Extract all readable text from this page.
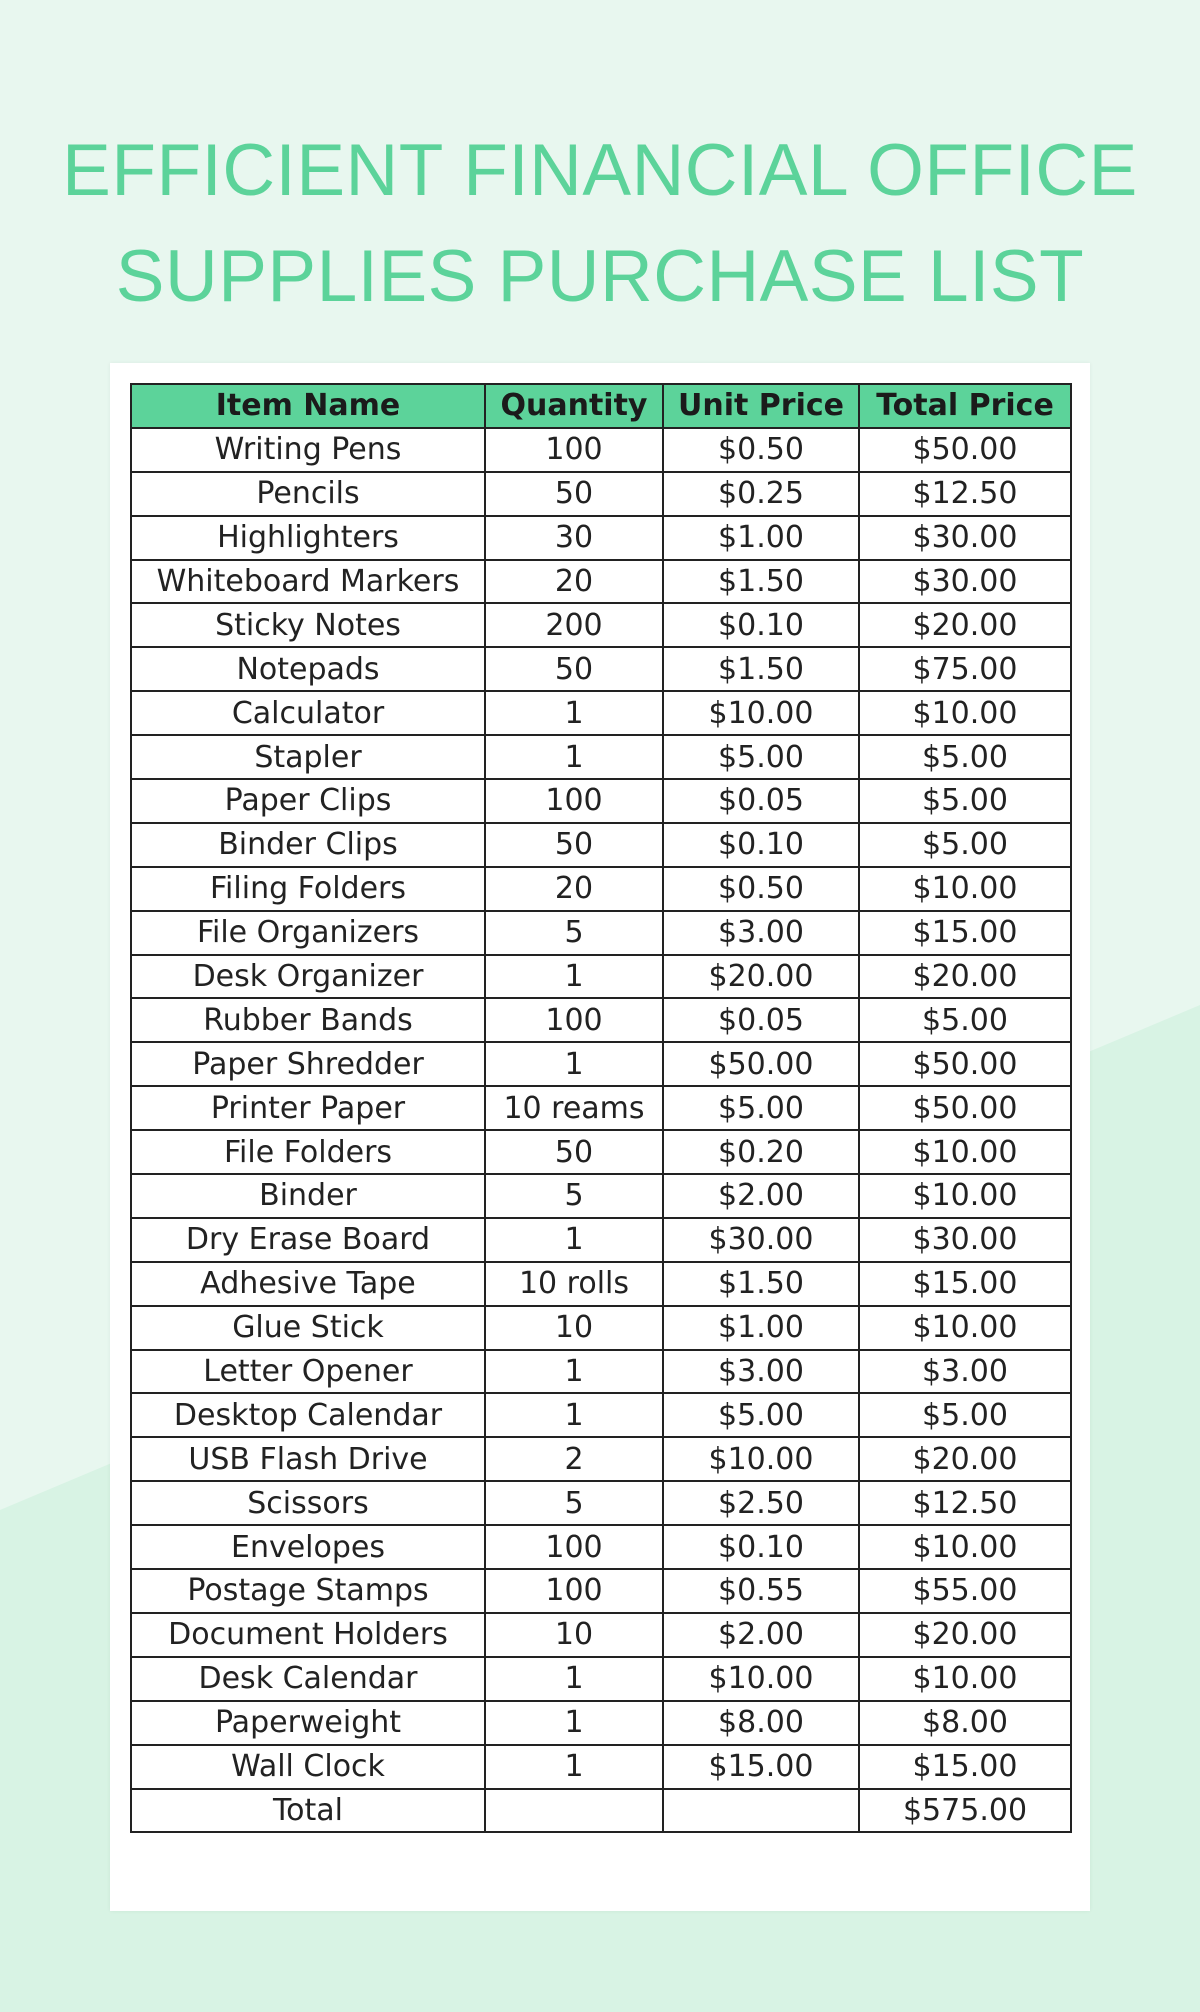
EFFICIENT FINANCIAL OFFICE
SUPPLIES PURCHASE LIST
Item Name	Quantity	Unit Price	Total Price
Writing Pens	100	$0.50	$50.00
Pencils	50	$0.25	$12.50
Highlighters	30	$1.00	$30.00
Whiteboard Markers	20	$1.50	$30.00
Sticky Notes	200	$0.10	$20.00
Notepads	50	$1.50	$75.00
Calculator	1	$10.00	$10.00
Stapler	1	$5.00	$5.00
Paper Clips	100	$0.05	$5.00
Binder Clips	50	$0.10	$5.00
Filing Folders	20	$0.50	$10.00
File Organizers	5	$3.00	$15.00
Desk Organizer	1	$20.00	$20.00
Rubber Bands	100	$0.05	$5.00
Paper Shredder	1	$50.00	$50.00
Printer Paper	10 reams	$5.00	$50.00
File Folders	50	$0.20	$10.00
Binder	5	$2.00	$10.00
Dry Erase Board	1	$30.00	$30.00
Adhesive Tape	10 rolls	$1.50	$15.00
Glue Stick	10	$1.00	$10.00
Letter Opener	1	$3.00	$3.00
Desktop Calendar	1	$5.00	$5.00
USB Flash Drive	2	$10.00	$20.00
Scissors	5	$2.50	$12.50
Envelopes	100	$0.10	$10.00
Postage Stamps	100	$0.55	$55.00
Document Holders	10	$2.00	$20.00
Desk Calendar	1	$10.00	$10.00
Paperweight	1	$8.00	$8.00
Wall Clock	1	$15.00	$15.00
Total			$575.00
